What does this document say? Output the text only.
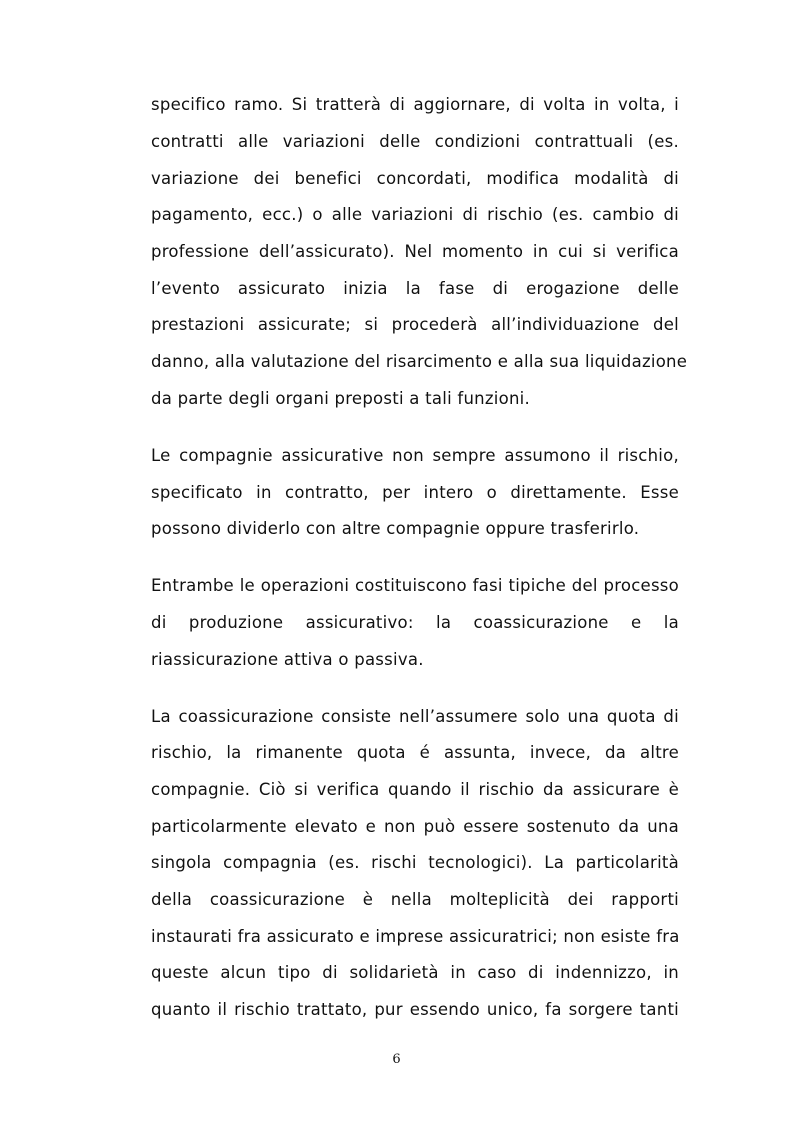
specifico ramo. Si tratterà di aggiornare, di volta in volta, i
contratti alle variazioni delle condizioni contrattuali (es.
variazione dei benefici concordati, modifica modalità di
pagamento, ecc.) o alle variazioni di rischio (es. cambio di
professione dell’assicurato). Nel momento in cui si verifica
l’evento assicurato inizia la fase di erogazione delle
prestazioni assicurate; si procederà all’individuazione del
danno, alla valutazione del risarcimento e alla sua liquidazione
da parte degli organi preposti a tali funzioni.
Le compagnie assicurative non sempre assumono il rischio,
specificato in contratto, per intero o direttamente. Esse
possono dividerlo con altre compagnie oppure trasferirlo.
Entrambe le operazioni costituiscono fasi tipiche del processo
di produzione assicurativo: la coassicurazione e la
riassicurazione attiva o passiva.
La coassicurazione consiste nell’assumere solo una quota di
rischio, la rimanente quota é assunta, invece, da altre
compagnie. Ciò si verifica quando il rischio da assicurare è
particolarmente elevato e non può essere sostenuto da una
singola compagnia (es. rischi tecnologici). La particolarità
della coassicurazione è nella molteplicità dei rapporti
instaurati fra assicurato e imprese assicuratrici; non esiste fra
queste alcun tipo di solidarietà in caso di indennizzo, in
quanto il rischio trattato, pur essendo unico, fa sorgere tanti
6
